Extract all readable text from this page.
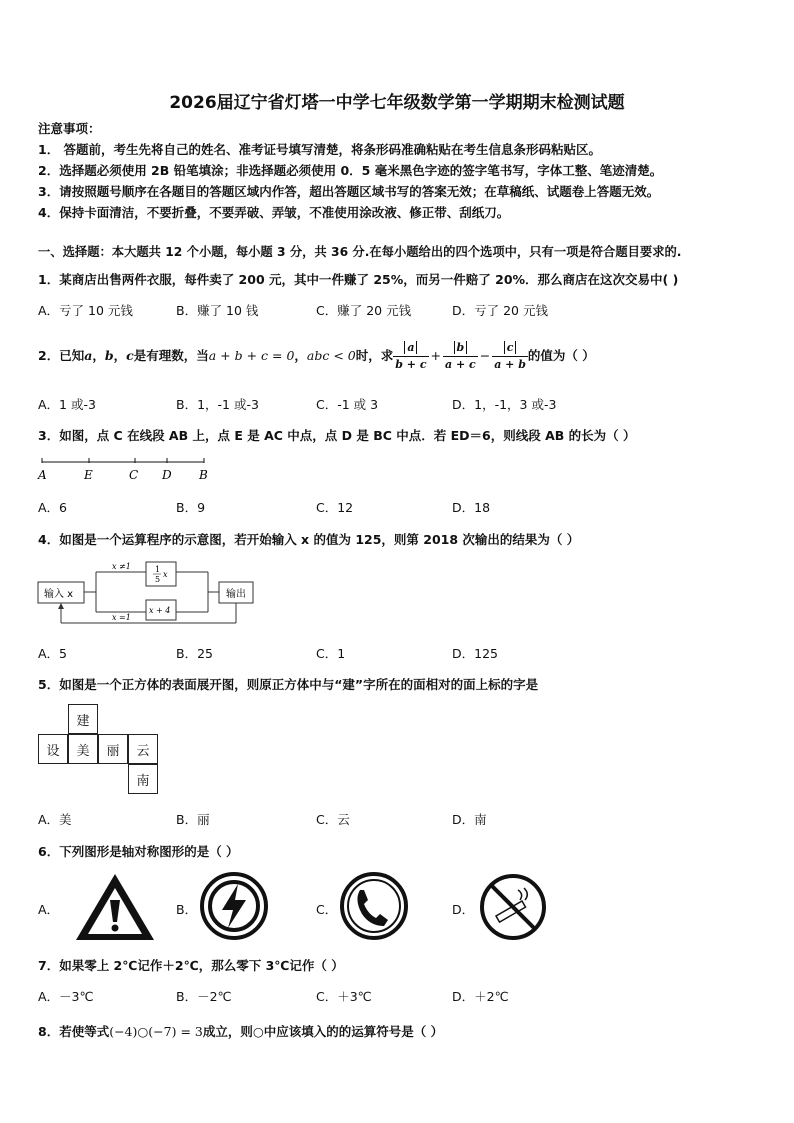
2026届辽宁省灯塔一中学七年级数学第一学期期末检测试题
注意事项：
1． 答题前，考生先将自己的姓名、准考证号填写清楚，将条形码准确粘贴在考生信息条形码粘贴区。
2．选择题必须使用 2B 铅笔填涂；非选择题必须使用 0．5 毫米黑色字迹的签字笔书写，字体工整、笔迹清楚。
3．请按照题号顺序在各题目的答题区域内作答，超出答题区域书写的答案无效；在草稿纸、试题卷上答题无效。
4．保持卡面清洁，不要折叠，不要弄破、弄皱，不准使用涂改液、修正带、刮纸刀。
一、选择题：本大题共 12 个小题，每小题 3 分，共 36 分.在每小题给出的四个选项中，只有一项是符合题目要求的.
1．某商店出售两件衣服，每件卖了 200 元，其中一件赚了 25%，而另一件赔了 20%．那么商店在这次交易中( )
A．亏了 10 元钱	B．赚了 10 钱	C．赚了 20 元钱	D．亏了 20 元钱
2．已知 a ， b ， c 是有理数，当 a + b + c = 0 ， abc < 0 时，求 $\frac{a}{b + c} + \frac{b}{a + c} - \frac{c}{a + b}$ 的值为（ ）
A．1 或-3	B．1，-1 或-3	C．-1 或 3	D．1，-1，3 或-3
3．如图，点 C 在线段 AB 上，点 E 是 AC 中点，点 D 是 BC 中点．若 ED＝6，则线段 AB 的长为（ ）
A	E	C D B
A．6	B．9	C．12	D．18
4．如图是一个运算程序的示意图，若开始输入 x 的值为 125，则第 2018 次输出的结果为（ ）
输入 x
x ≠1	1
5
x
x + 4
输出
x =1
A．5	B．25	C．1	D．125
5．如图是一个正方体的表面展开图，则原正方体中与“建”字所在的面相对的面上标的字是
建
设	美	丽	云
南
A．美	B．丽	C．云	D．南
6．下列图形是轴对称图形的是（ ）
A．	B．	C．	D．
7．如果零上 2℃记作＋2℃，那么零下 3℃记作（ ）
A．－3℃	B．－2℃	C．＋3℃	D．＋2℃
8．若使等式(−4)○(−7) = 3成立，则○中应该填入的的运算符号是（ ）
